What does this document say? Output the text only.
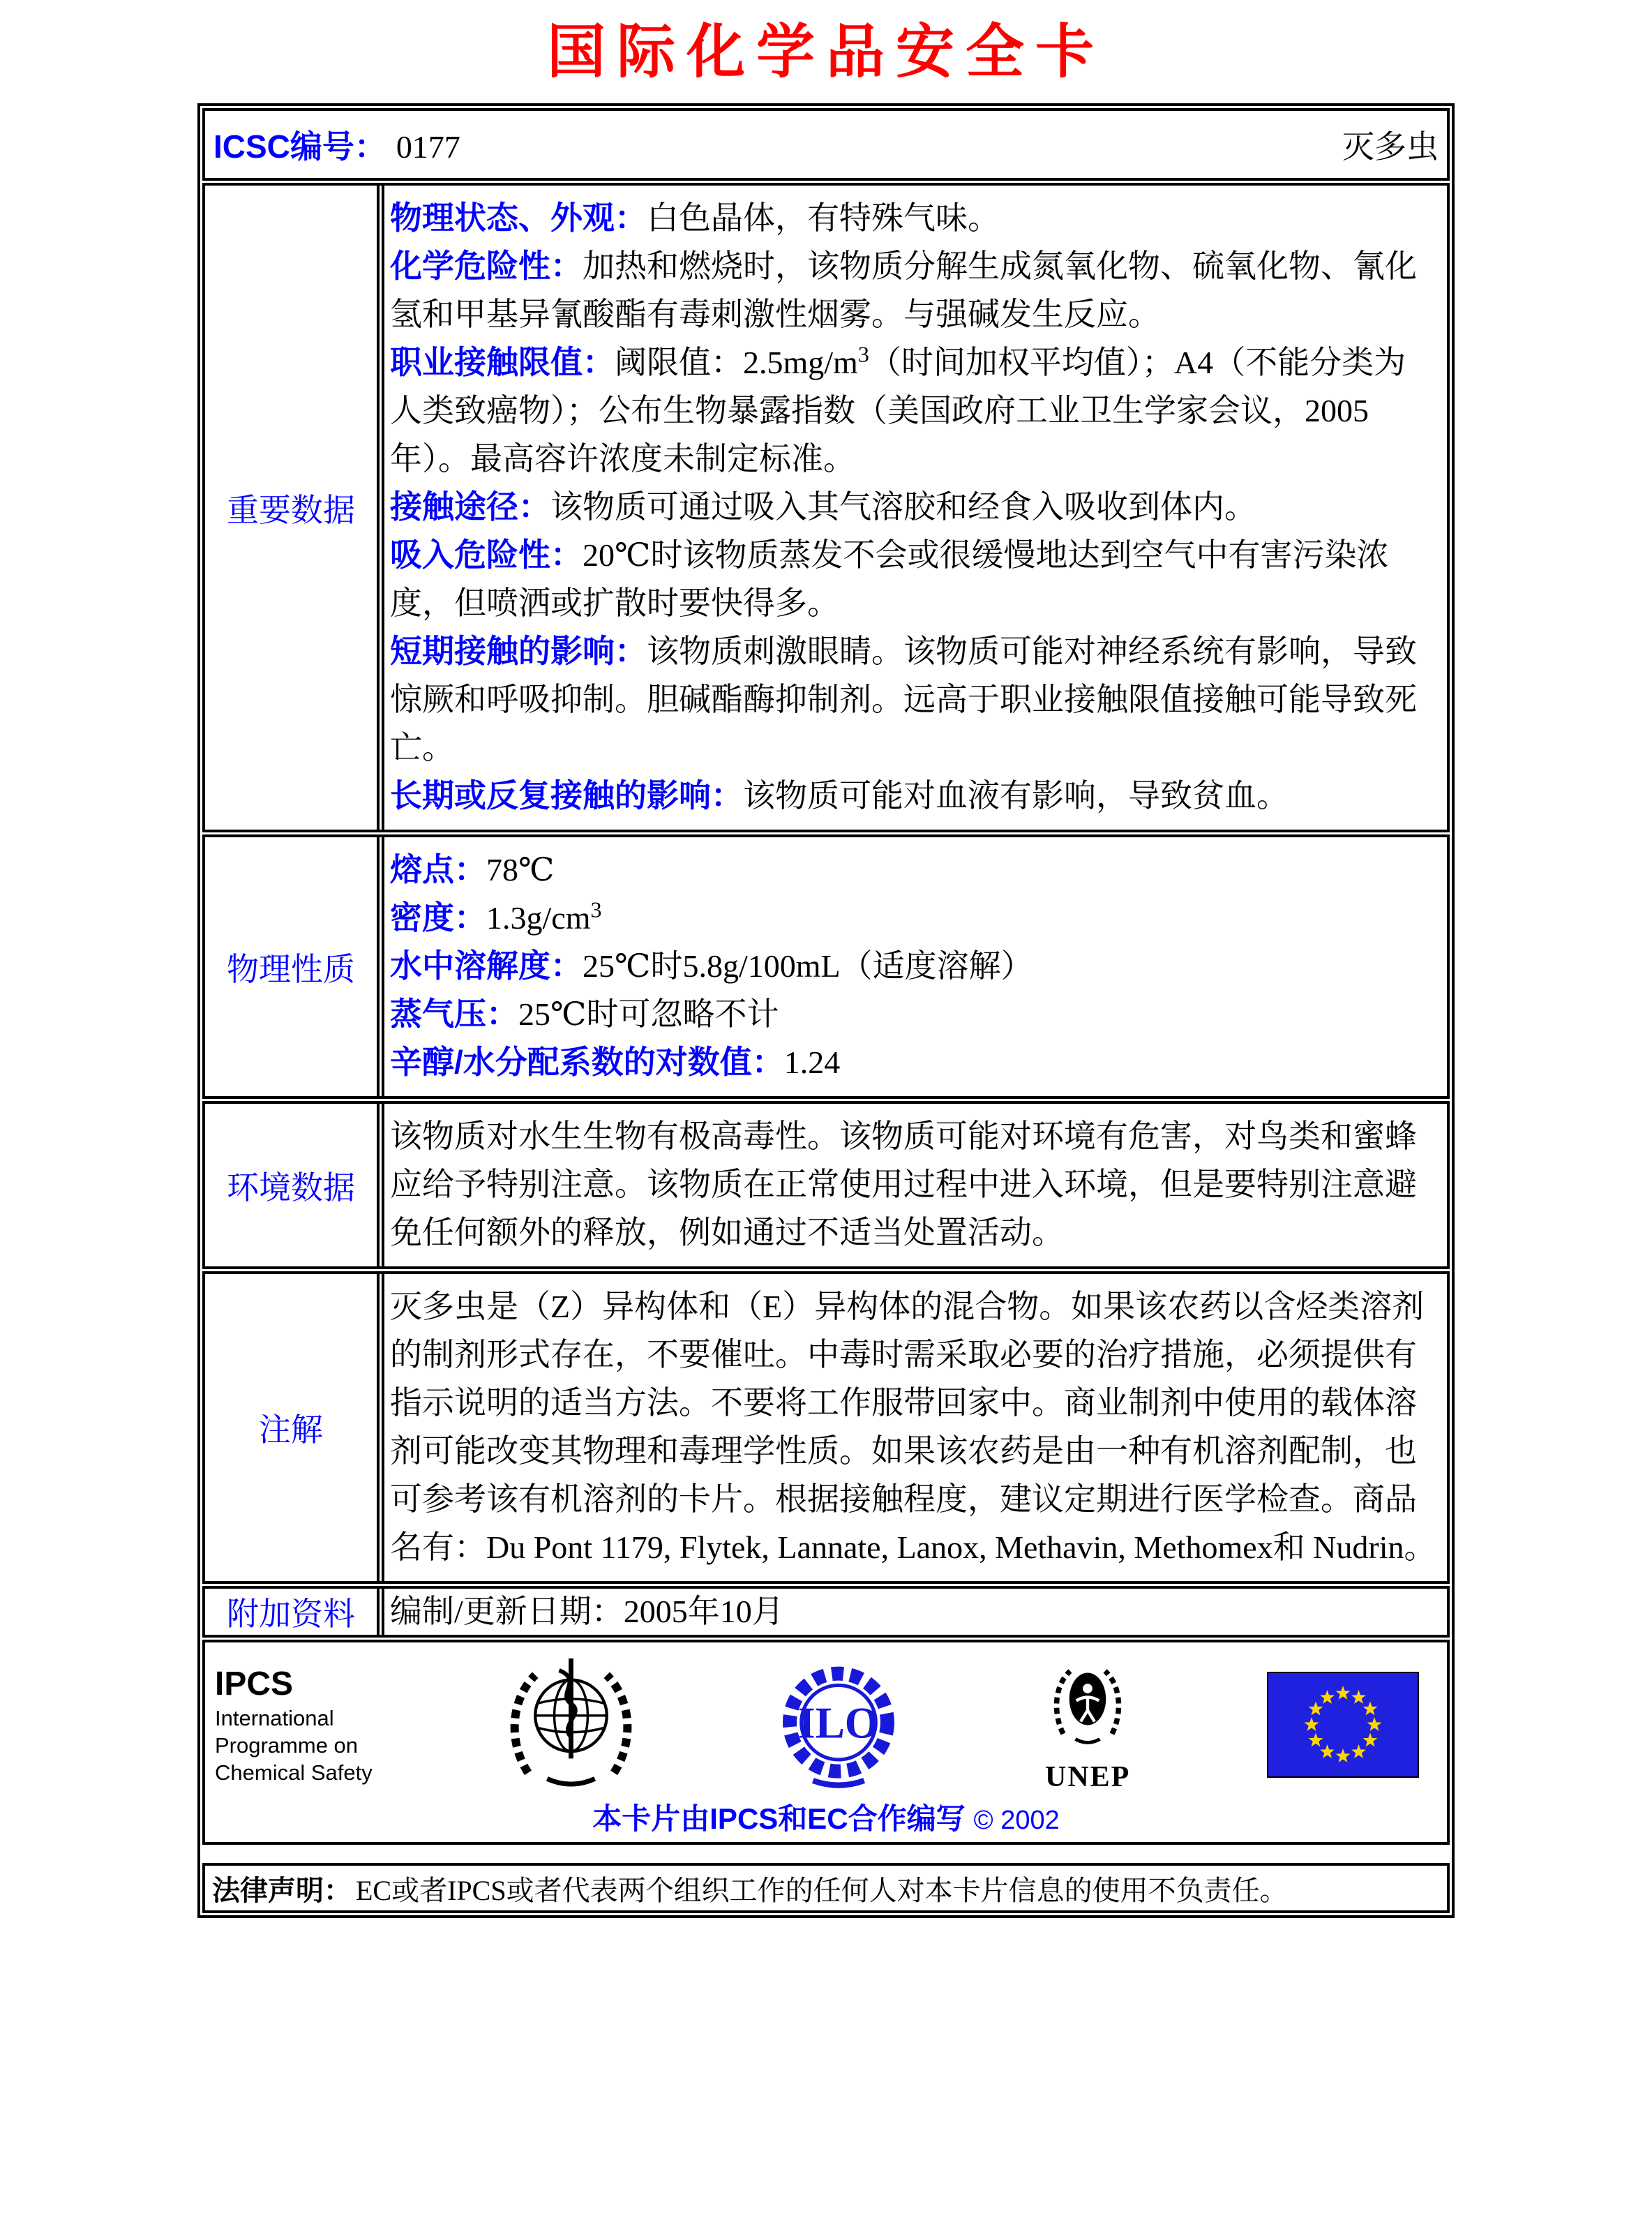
国际化学品安全卡
ICSC编号： 0177	灭多虫
重要数据
物理状态、外观：白色晶体，有特殊气味。
化学危险性：加热和燃烧时，该物质分解生成氮氧化物、硫氧化物、氰化氢和甲基异氰酸酯有毒刺激性烟雾。与强碱发生反应。
职业接触限值：阈限值：$2.5mg/m^3$（时间加权平均值）；A4（不能分类为人类致癌物）；公布生物暴露指数（美国政府工业卫生学家会议，2005年）。最高容许浓度未制定标准。
接触途径：该物质可通过吸入其气溶胶和经食入吸收到体内。
吸入危险性：20℃时该物质蒸发不会或很缓慢地达到空气中有害污染浓度，但喷洒或扩散时要快得多。
短期接触的影响：该物质刺激眼睛。该物质可能对神经系统有影响，导致惊厥和呼吸抑制。胆碱酯酶抑制剂。远高于职业接触限值接触可能导致死亡。
长期或反复接触的影响：该物质可能对血液有影响，导致贫血。
物理性质
熔点：78℃
密度：$1.3g/cm^3$
水中溶解度：25℃时5.8g/100mL（适度溶解）
蒸气压：25℃时可忽略不计
辛醇/水分配系数的对数值：1.24
环境数据
该物质对水生生物有极高毒性。该物质可能对环境有危害，对鸟类和蜜蜂应给予特别注意。该物质在正常使用过程中进入环境，但是要特别注意避免任何额外的释放，例如通过不适当处置活动。
注解
灭多虫是（Z）异构体和（E）异构体的混合物。如果该农药以含烃类溶剂的制剂形式存在，不要催吐。中毒时需采取必要的治疗措施，必须提供有指示说明的适当方法。不要将工作服带回家中。商业制剂中使用的载体溶剂可能改变其物理和毒理学性质。如果该农药是由一种有机溶剂配制，也可参考该有机溶剂的卡片。根据接触程度，建议定期进行医学检查。商品名有：Du Pont 1179, Flytek, Lannate, Lanox, Methavin, Methomex和 Nudrin。
附加资料	编制/更新日期：2005年10月
IPCS
International
Programme on
Chemical Safety
ILO
UNEP
本卡片由IPCS和EC合作编写 © 2002
法律声明： EC或者IPCS或者代表两个组织工作的任何人对本卡片信息的使用不负责任。
